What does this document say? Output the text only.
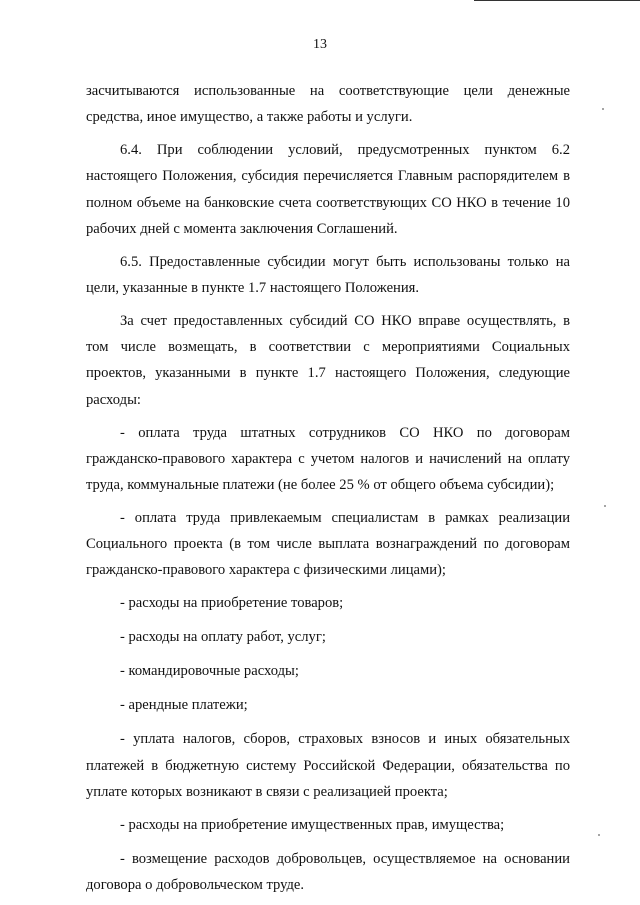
13

засчитываются использованные на соответствующие цели денежные средства, иное имущество, а также работы и услуги.

6.4. При соблюдении условий, предусмотренных пунктом 6.2 настоящего Положения, субсидия перечисляется Главным распорядителем в полном объеме на банковские счета соответствующих СО НКО в течение 10 рабочих дней с момента заключения Соглашений.

6.5. Предоставленные субсидии могут быть использованы только на цели, указанные в пункте 1.7 настоящего Положения.

За счет предоставленных субсидий СО НКО вправе осуществлять, в том числе возмещать, в соответствии с мероприятиями Социальных проектов, указанными в пункте 1.7 настоящего Положения, следующие расходы:

- оплата труда штатных сотрудников СО НКО по договорам гражданско-правового характера с учетом налогов и начислений на оплату труда, коммунальные платежи (не более 25 % от общего объема субсидии);

- оплата труда привлекаемым специалистам в рамках реализации Социального проекта (в том числе выплата вознаграждений по договорам гражданско-правового характера с физическими лицами);

- расходы на приобретение товаров;

- расходы на оплату работ, услуг;

- командировочные расходы;

- арендные платежи;

- уплата налогов, сборов, страховых взносов и иных обязательных платежей в бюджетную систему Российской Федерации, обязательства по уплате которых возникают в связи с реализацией проекта;

- расходы на приобретение имущественных прав, имущества;

- возмещение расходов добровольцев, осуществляемое на основании договора о добровольческом труде.
